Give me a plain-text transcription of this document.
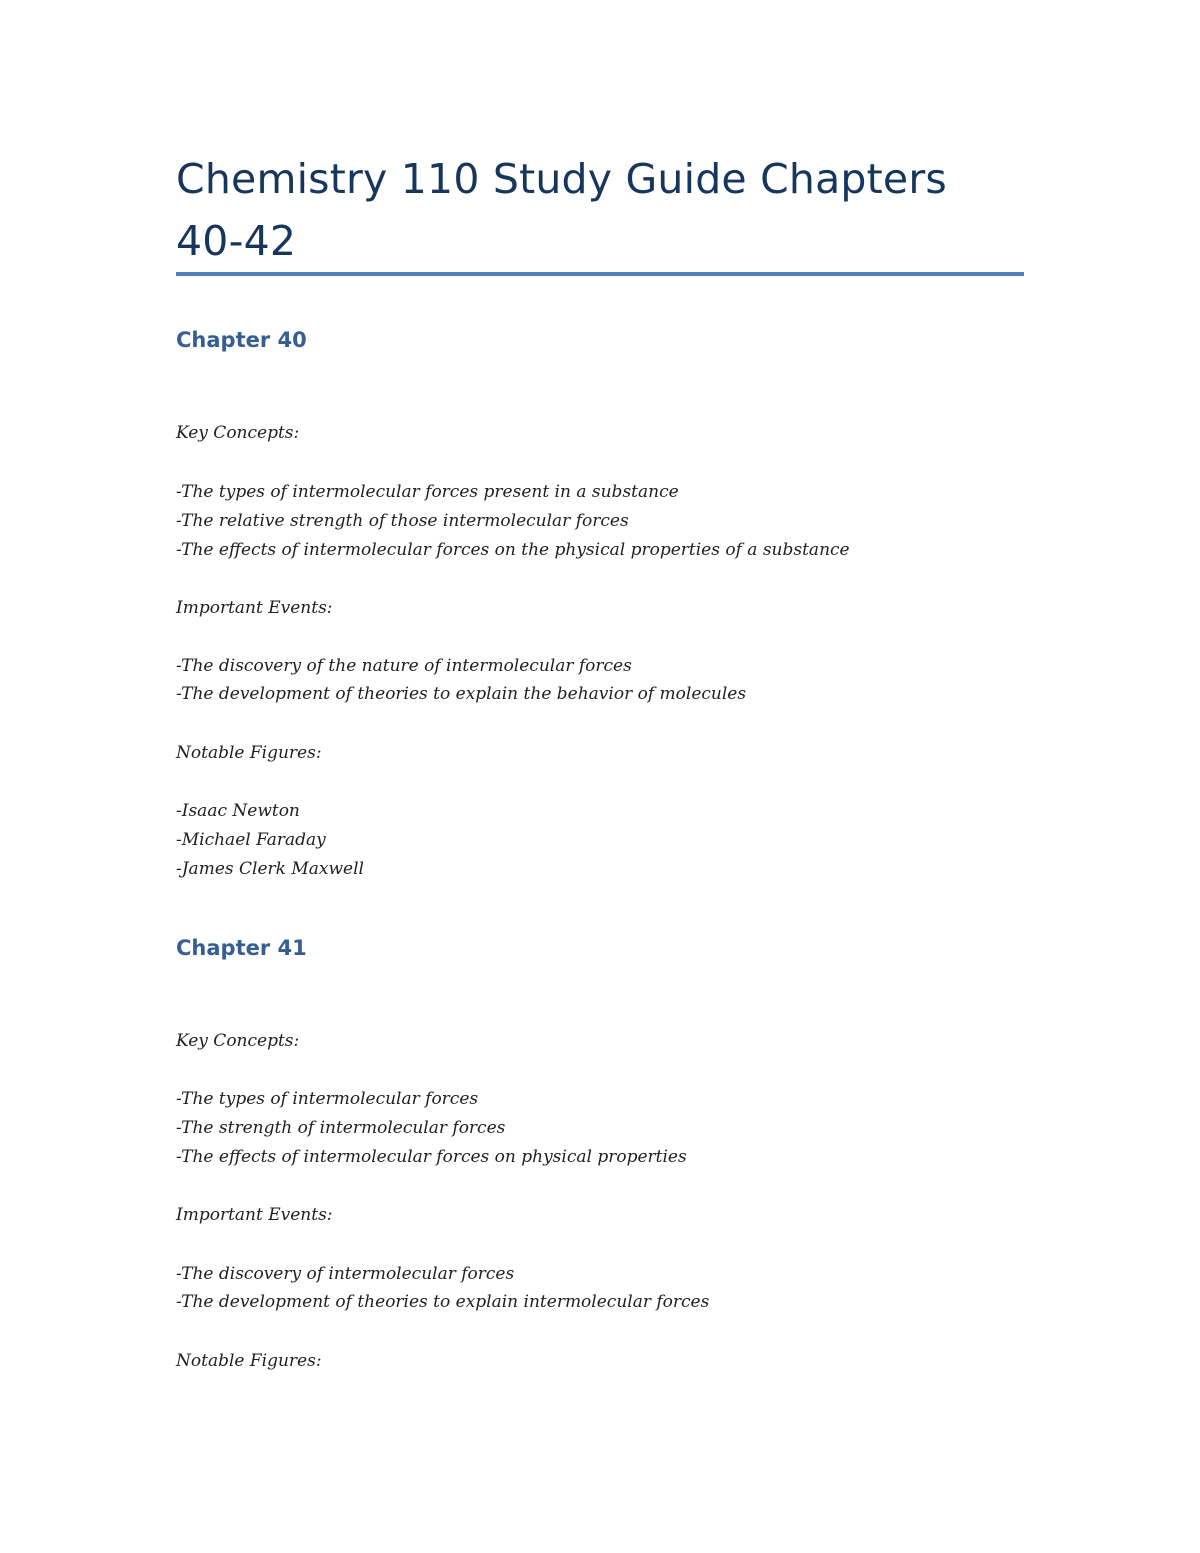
Chemistry 110 Study Guide Chapters 40-42
Chapter 40

Key Concepts:

-The types of intermolecular forces present in a substance

-The relative strength of those intermolecular forces

-The effects of intermolecular forces on the physical properties of a substance

Important Events:

-The discovery of the nature of intermolecular forces

-The development of theories to explain the behavior of molecules

Notable Figures:

-Isaac Newton

-Michael Faraday

-James Clerk Maxwell

Chapter 41

Key Concepts:

-The types of intermolecular forces

-The strength of intermolecular forces

-The effects of intermolecular forces on physical properties

Important Events:

-The discovery of intermolecular forces

-The development of theories to explain intermolecular forces

Notable Figures:
